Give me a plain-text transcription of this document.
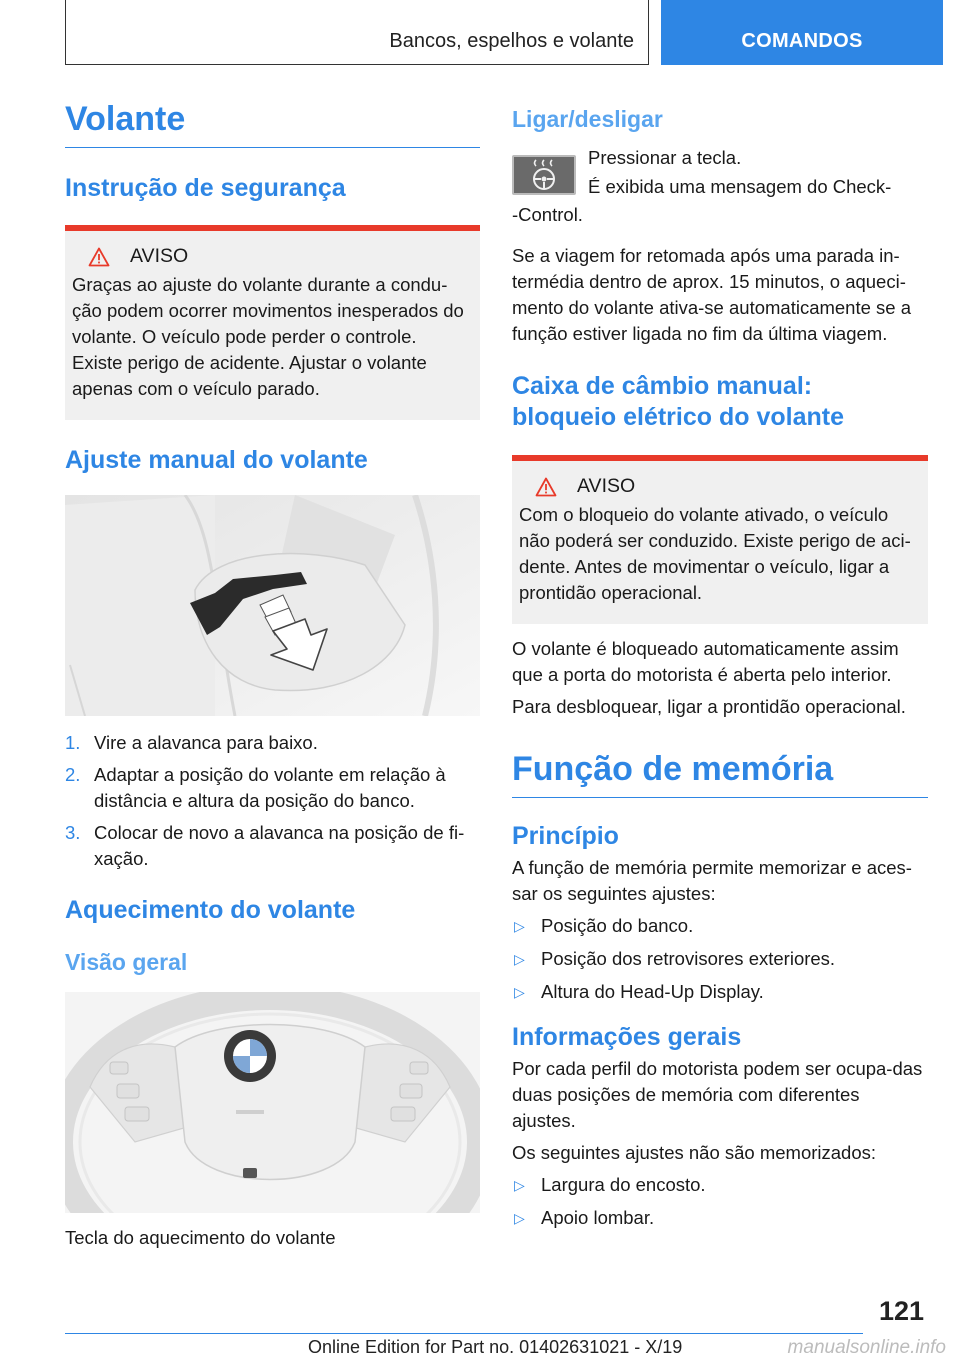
Bancos, espelhos e volante	COMANDOS
Volante
Instrução de segurança
AVISO

Graças ao ajuste do volante durante a condu-ção podem ocorrer movimentos inesperados do volante. O veículo pode perder o controle. Existe perigo de acidente. Ajustar o volante apenas com o veículo parado.

Ajuste manual do volante
1. Vire a alavanca para baixo.
2. Adaptar a posição do volante em relação à distância e altura da posição do banco.
3. Colocar de novo a alavanca na posição de fi-xação.
Aquecimento do volante
Visão geral

Tecla do aquecimento do volante

Ligar/desligar

Pressionar a tecla.

É exibida uma mensagem do Check-

-Control.

Se a viagem for retomada após uma parada in-termédia dentro de aprox. 15 minutos, o aqueci-mento do volante ativa-se automaticamente se a função estiver ligada no fim da última viagem.

Caixa de câmbio manual:
bloqueio elétrico do volante
AVISO

Com o bloqueio do volante ativado, o veículo não poderá ser conduzido. Existe perigo de aci-dente. Antes de movimentar o veículo, ligar a prontidão operacional.

O volante é bloqueado automaticamente assim que a porta do motorista é aberta pelo interior.

Para desbloquear, ligar a prontidão operacional.

Função de memória
Princípio

A função de memória permite memorizar e aces-sar os seguintes ajustes:

▷ Posição do banco.
▷ Posição dos retrovisores exteriores.
▷ Altura do Head-Up Display.
Informações gerais

Por cada perfil do motorista podem ser ocupa-das duas posições de memória com diferentes ajustes.

Os seguintes ajustes não são memorizados:

▷ Largura do encosto.
▷ Apoio lombar.
121
Online Edition for Part no. 01402631021 - X/19	manualsonline.info
